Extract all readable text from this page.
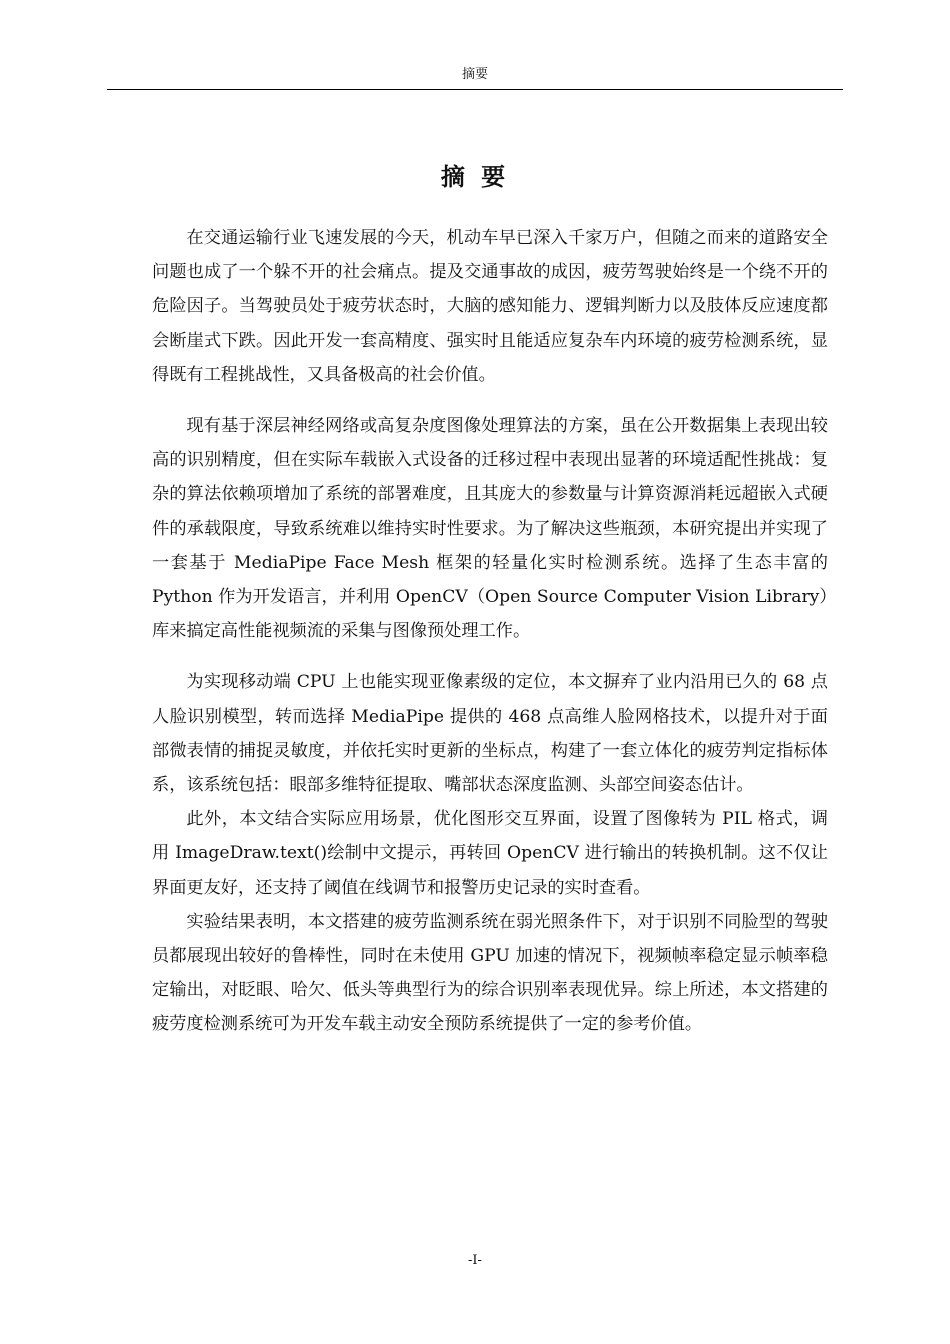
摘要
摘 要

在交通运输行业飞速发展的今天，机动车早已深入千家万户，但随之而来的道路安全问题也成了一个躲不开的社会痛点。提及交通事故的成因，疲劳驾驶始终是一个绕不开的危险因子。当驾驶员处于疲劳状态时，大脑的感知能力、逻辑判断力以及肢体反应速度都会断崖式下跌。因此开发一套高精度、强实时且能适应复杂车内环境的疲劳检测系统，显得既有工程挑战性，又具备极高的社会价值。

现有基于深层神经网络或高复杂度图像处理算法的方案，虽在公开数据集上表现出较高的识别精度，但在实际车载嵌入式设备的迁移过程中表现出显著的环境适配性挑战：复杂的算法依赖项增加了系统的部署难度，且其庞大的参数量与计算资源消耗远超嵌入式硬件的承载限度，导致系统难以维持实时性要求。为了解决这些瓶颈，本研究提出并实现了一套基于 MediaPipe Face Mesh 框架的轻量化实时检测系统。选择了生态丰富的 Python 作为开发语言，并利用 OpenCV（Open Source Computer Vision Library）库来搞定高性能视频流的采集与图像预处理工作。

为实现移动端 CPU 上也能实现亚像素级的定位，本文摒弃了业内沿用已久的 68 点人脸识别模型，转而选择 MediaPipe 提供的 468 点高维人脸网格技术，以提升对于面部微表情的捕捉灵敏度，并依托实时更新的坐标点，构建了一套立体化的疲劳判定指标体系，该系统包括：眼部多维特征提取、嘴部状态深度监测、头部空间姿态估计。

此外，本文结合实际应用场景，优化图形交互界面，设置了图像转为 PIL 格式，调用 ImageDraw.text()绘制中文提示，再转回 OpenCV 进行输出的转换机制。这不仅让界面更友好，还支持了阈值在线调节和报警历史记录的实时查看。

实验结果表明，本文搭建的疲劳监测系统在弱光照条件下，对于识别不同脸型的驾驶员都展现出较好的鲁棒性，同时在未使用 GPU 加速的情况下，视频帧率稳定显示帧率稳定输出，对眨眼、哈欠、低头等典型行为的综合识别率表现优异。综上所述，本文搭建的疲劳度检测系统可为开发车载主动安全预防系统提供了一定的参考价值。

-I-
